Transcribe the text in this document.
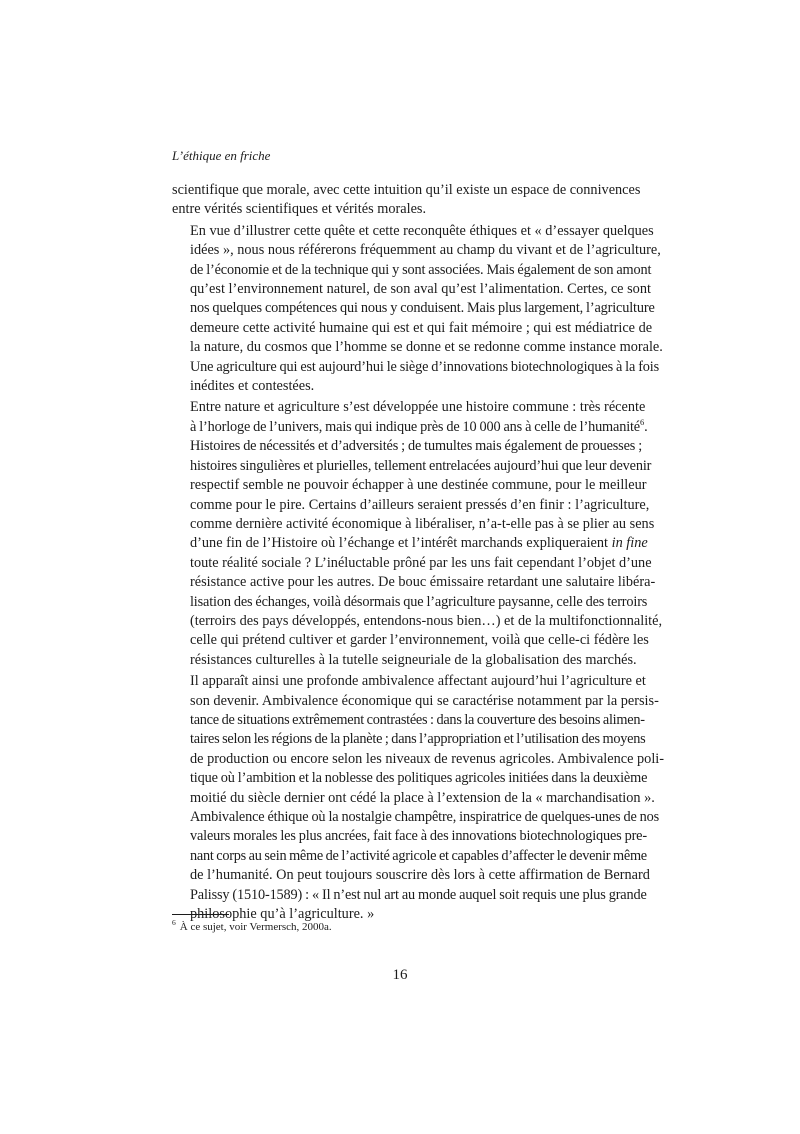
L’éthique en friche

scientifique que morale, avec cette intuition qu’il existe un espace de connivences
entre vérités scientifiques et vérités morales.

En vue d’illustrer cette quête et cette reconquête éthiques et « d’essayer quelques
idées », nous nous référerons fréquemment au champ du vivant et de l’agriculture,
de l’économie et de la technique qui y sont associées. Mais également de son amont
qu’est l’environnement naturel, de son aval qu’est l’alimentation. Certes, ce sont
nos quelques compétences qui nous y conduisent. Mais plus largement, l’agriculture
demeure cette activité humaine qui est et qui fait mémoire ; qui est médiatrice de
la nature, du cosmos que l’homme se donne et se redonne comme instance morale.
Une agriculture qui est aujourd’hui le siège d’innovations biotechnologiques à la fois
inédites et contestées.

Entre nature et agriculture s’est développée une histoire commune : très récente
à l’horloge de l’univers, mais qui indique près de 10 000 ans à celle de l’humanité$^6$.
Histoires de nécessités et d’adversités ; de tumultes mais également de prouesses ;
histoires singulières et plurielles, tellement entrelacées aujourd’hui que leur devenir
respectif semble ne pouvoir échapper à une destinée commune, pour le meilleur
comme pour le pire. Certains d’ailleurs seraient pressés d’en finir : l’agriculture,
comme dernière activité économique à libéraliser, n’a-t-elle pas à se plier au sens
d’une fin de l’Histoire où l’échange et l’intérêt marchands expliqueraient in fine
toute réalité sociale ? L’inéluctable prôné par les uns fait cependant l’objet d’une
résistance active pour les autres. De bouc émissaire retardant une salutaire libéra-
lisation des échanges, voilà désormais que l’agriculture paysanne, celle des terroirs
(terroirs des pays développés, entendons-nous bien…) et de la multifonctionnalité,
celle qui prétend cultiver et garder l’environnement, voilà que celle-ci fédère les
résistances culturelles à la tutelle seigneuriale de la globalisation des marchés.

Il apparaît ainsi une profonde ambivalence affectant aujourd’hui l’agriculture et
son devenir. Ambivalence économique qui se caractérise notamment par la persis-
tance de situations extrêmement contrastées : dans la couverture des besoins alimen-
taires selon les régions de la planète ; dans l’appropriation et l’utilisation des moyens
de production ou encore selon les niveaux de revenus agricoles. Ambivalence poli-
tique où l’ambition et la noblesse des politiques agricoles initiées dans la deuxième
moitié du siècle dernier ont cédé la place à l’extension de la « marchandisation ».
Ambivalence éthique où la nostalgie champêtre, inspiratrice de quelques-unes de nos
valeurs morales les plus ancrées, fait face à des innovations biotechnologiques pre-
nant corps au sein même de l’activité agricole et capables d’affecter le devenir même
de l’humanité. On peut toujours souscrire dès lors à cette affirmation de Bernard
Palissy (1510-1589) : « Il n’est nul art au monde auquel soit requis une plus grande
philosophie qu’à l’agriculture. »

$^6$ À ce sujet, voir Vermersch, 2000a.
16
